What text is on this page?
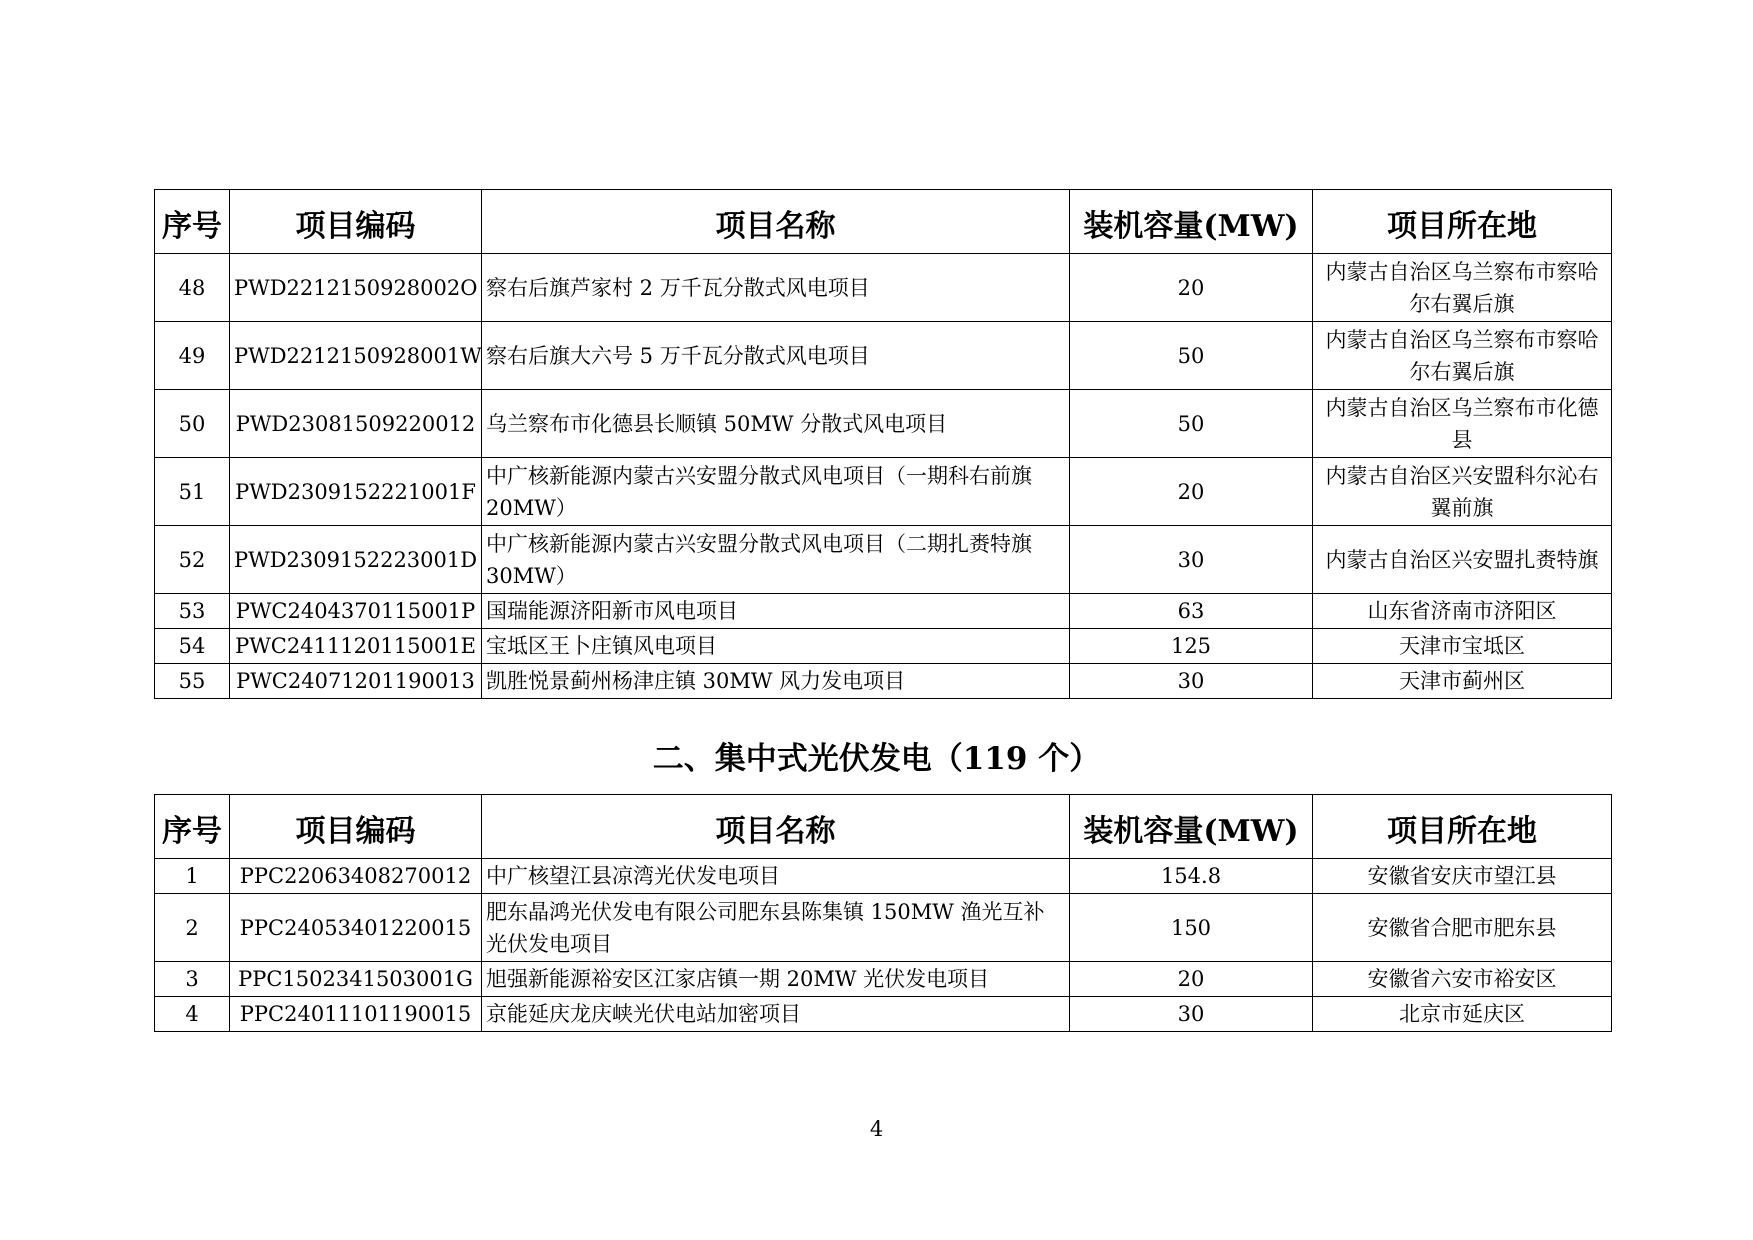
序号	项目编码	项目名称	装机容量(MW)	项目所在地
48	PWD2212150928002O	察右后旗芦家村 2 万千瓦分散式风电项目	20	内蒙古自治区乌兰察布市察哈尔右翼后旗
49	PWD2212150928001W	察右后旗大六号 5 万千瓦分散式风电项目	50	内蒙古自治区乌兰察布市察哈尔右翼后旗
50	PWD23081509220012	乌兰察布市化德县长顺镇 50MW 分散式风电项目	50	内蒙古自治区乌兰察布市化德县
51	PWD2309152221001F	中广核新能源内蒙古兴安盟分散式风电项目（一期科右前旗 20MW）	20	内蒙古自治区兴安盟科尔沁右翼前旗
52	PWD2309152223001D	中广核新能源内蒙古兴安盟分散式风电项目（二期扎赉特旗 30MW）	30	内蒙古自治区兴安盟扎赉特旗
53	PWC2404370115001P	国瑞能源济阳新市风电项目	63	山东省济南市济阳区
54	PWC2411120115001E	宝坻区王卜庄镇风电项目	125	天津市宝坻区
55	PWC24071201190013	凯胜悦景蓟州杨津庄镇 30MW 风力发电项目	30	天津市蓟州区
二、集中式光伏发电（119 个）
序号	项目编码	项目名称	装机容量(MW)	项目所在地
1	PPC22063408270012	中广核望江县凉湾光伏发电项目	154.8	安徽省安庆市望江县
2	PPC24053401220015	肥东晶鸿光伏发电有限公司肥东县陈集镇 150MW 渔光互补光伏发电项目	150	安徽省合肥市肥东县
3	PPC1502341503001G	旭强新能源裕安区江家店镇一期 20MW 光伏发电项目	20	安徽省六安市裕安区
4	PPC24011101190015	京能延庆龙庆峡光伏电站加密项目	30	北京市延庆区
4
